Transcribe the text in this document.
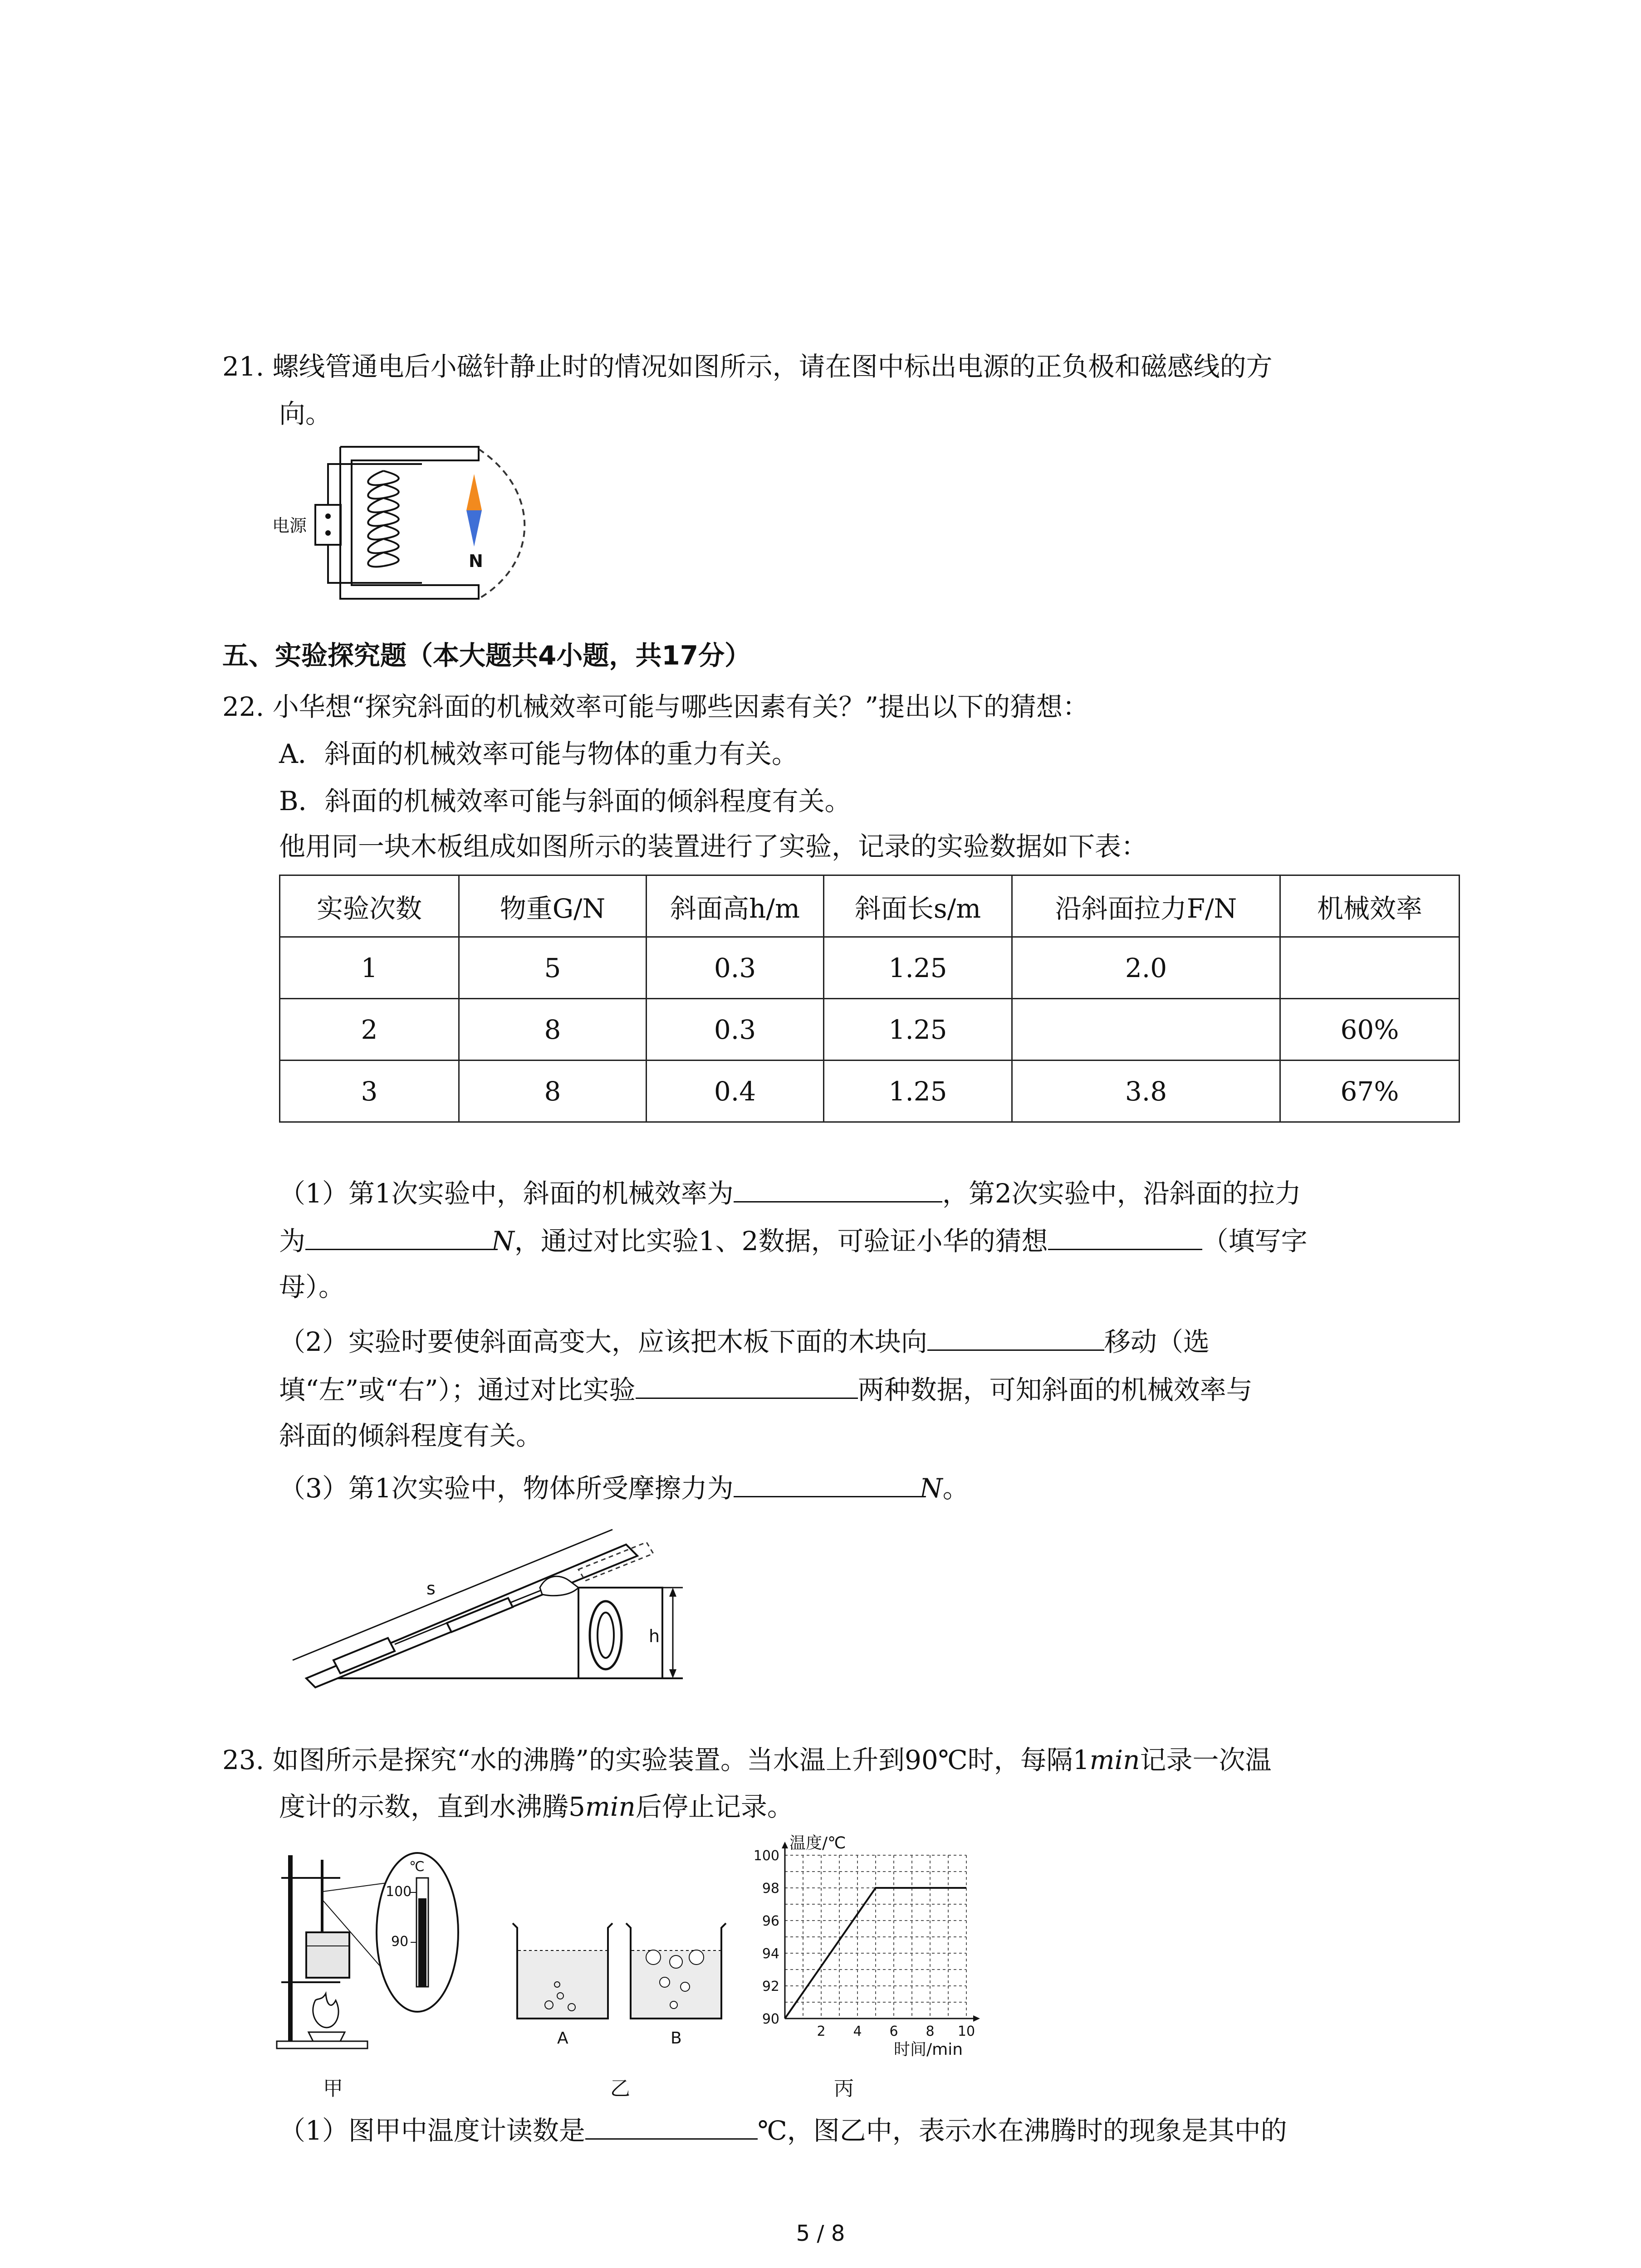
21. 螺线管通电后小磁针静止时的情况如图所示，请在图中标出电源的正负极和磁感线的方
向。
电源
N
五、实验探究题（本大题共4小题，共17分）
22. 小华想“探究斜面的机械效率可能与哪些因素有关？”提出以下的猜想：
A．斜面的机械效率可能与物体的重力有关。
B．斜面的机械效率可能与斜面的倾斜程度有关。
他用同一块木板组成如图所示的装置进行了实验，记录的实验数据如下表：
实验次数	物重G/N	斜面高h/m	斜面长s/m	沿斜面拉力F/N	机械效率
1	5	0.3	1.25	2.0	
2	8	0.3	1.25		60%
3	8	0.4	1.25	3.8	67%
（1）第1次实验中，斜面的机械效率为	，第2次实验中，沿斜面的拉力
为	N，通过对比实验1、2数据，可验证小华的猜想	（填写字
母）。
（2）实验时要使斜面高变大，应该把木板下面的木块向	移动（选
填“左”或“右”）；通过对比实验	两种数据，可知斜面的机械效率与
斜面的倾斜程度有关。
（3）第1次实验中，物体所受摩擦力为	N。
h
s
23. 如图所示是探究“水的沸腾”的实验装置。当水温上升到90℃时，每隔1min记录一次温
度计的示数，直到水沸腾5min后停止记录。
℃
100
90
甲
A	B
乙
温度/℃
时间/min
100
98
96
94
92
90
2 4 6 8 10
丙
（1）图甲中温度计读数是	℃，图乙中，表示水在沸腾时的现象是其中的
5 / 8
